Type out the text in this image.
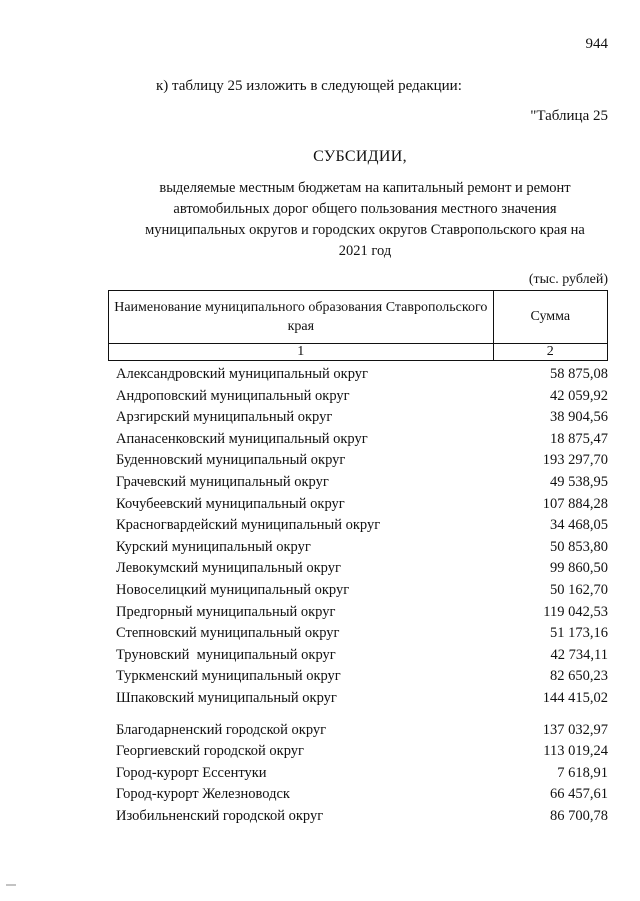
944
к) таблицу 25 изложить в следующей редакции:
"Таблица 25
СУБСИДИИ,
выделяемые местным бюджетам на капитальный ремонт и ремонт автомобильных дорог общего пользования местного значения муниципальных округов и городских округов Ставропольского края на 2021 год
(тыс. рублей)
Наименование муниципального образования Ставропольского края	Сумма
1	2
Александровский муниципальный округ	58 875,08
Андроповский муниципальный округ	42 059,92
Арзгирский муниципальный округ	38 904,56
Апанасенковский муниципальный округ	18 875,47
Буденновский муниципальный округ	193 297,70
Грачевский муниципальный округ	49 538,95
Кочубеевский муниципальный округ	107 884,28
Красногвардейский муниципальный округ	34 468,05
Курский муниципальный округ	50 853,80
Левокумский муниципальный округ	99 860,50
Новоселицкий муниципальный округ	50 162,70
Предгорный муниципальный округ	119 042,53
Степновский муниципальный округ	51 173,16
Труновский  муниципальный округ	42 734,11
Туркменский муниципальный округ	82 650,23
Шпаковский муниципальный округ	144 415,02
Благодарненский городской округ	137 032,97
Георгиевский городской округ	113 019,24
Город-курорт Ессентуки	7 618,91
Город-курорт Железноводск	66 457,61
Изобильненский городской округ	86 700,78
